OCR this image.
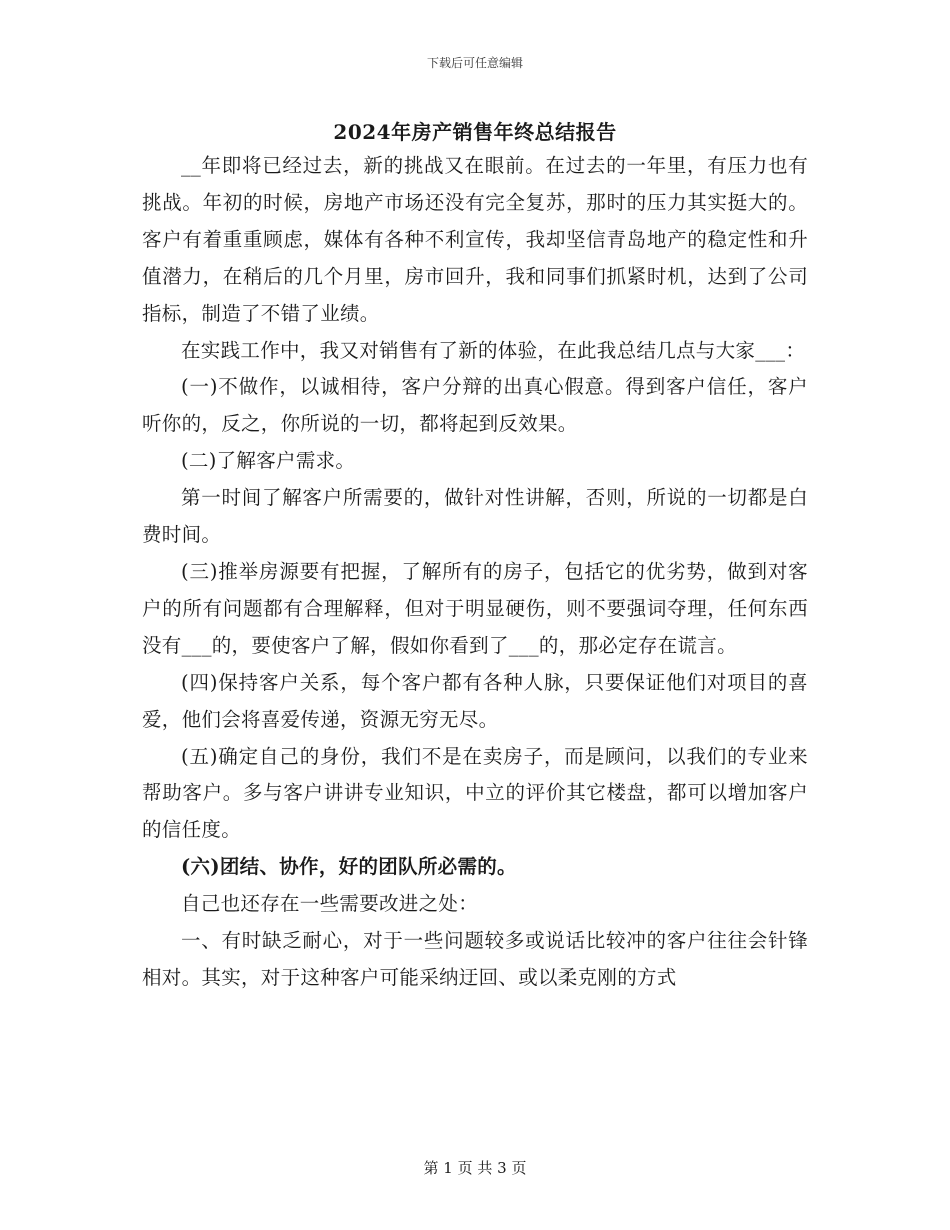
下载后可任意编辑
2024年房产销售年终总结报告

__年即将已经过去，新的挑战又在眼前。在过去的一年里，有压力也有挑战。年初的时候，房地产市场还没有完全复苏，那时的压力其实挺大的。客户有着重重顾虑，媒体有各种不利宣传，我却坚信青岛地产的稳定性和升值潜力，在稍后的几个月里，房市回升，我和同事们抓紧时机，达到了公司指标，制造了不错了业绩。

在实践工作中，我又对销售有了新的体验，在此我总结几点与大家___：

(一)不做作，以诚相待，客户分辩的出真心假意。得到客户信任，客户听你的，反之，你所说的一切，都将起到反效果。

(二)了解客户需求。

第一时间了解客户所需要的，做针对性讲解，否则，所说的一切都是白费时间。

(三)推举房源要有把握，了解所有的房子，包括它的优劣势，做到对客户的所有问题都有合理解释，但对于明显硬伤，则不要强词夺理，任何东西没有___的，要使客户了解，假如你看到了___的，那必定存在谎言。

(四)保持客户关系，每个客户都有各种人脉，只要保证他们对项目的喜爱，他们会将喜爱传递，资源无穷无尽。

(五)确定自己的身份，我们不是在卖房子，而是顾问，以我们的专业来帮助客户。多与客户讲讲专业知识，中立的评价其它楼盘，都可以增加客户的信任度。

(六)团结、协作，好的团队所必需的。

自己也还存在一些需要改进之处：

一、有时缺乏耐心，对于一些问题较多或说话比较冲的客户往往会针锋相对。其实，对于这种客户可能采纳迂回、或以柔克刚的方式

第 1 页 共 3 页
